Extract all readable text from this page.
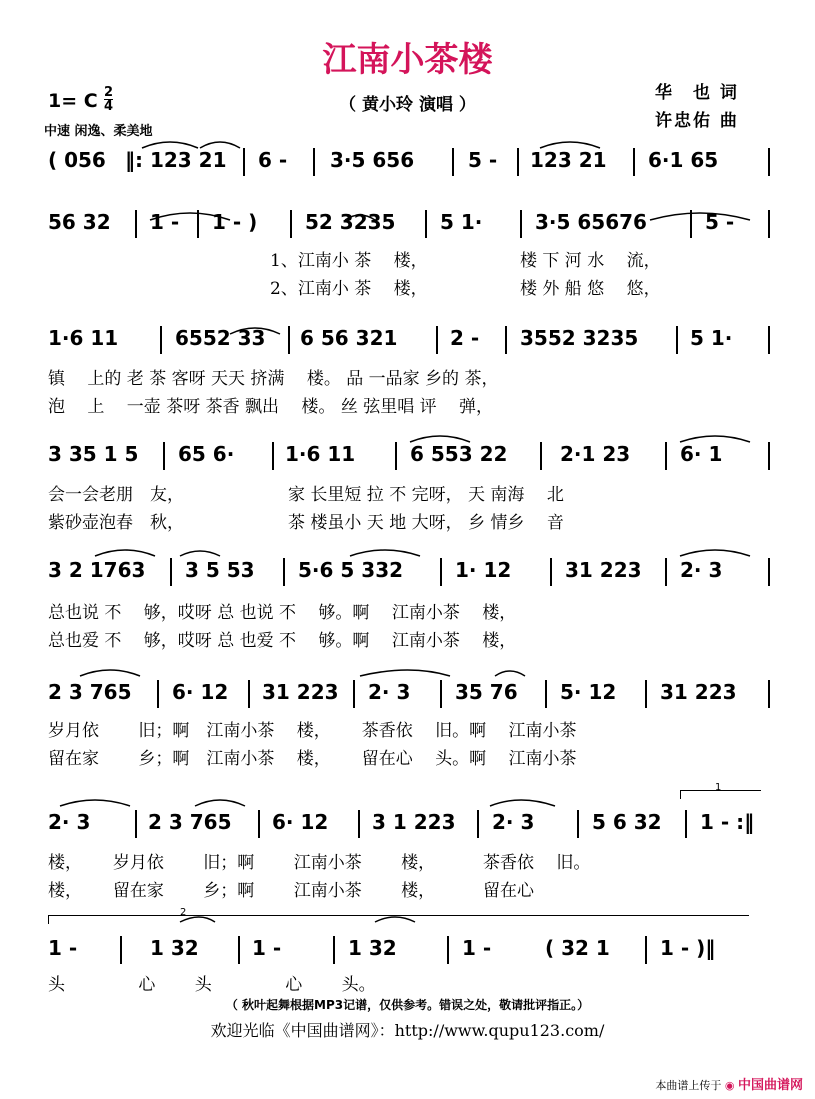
江南小茶楼
（ 黄小玲 演唱 ）
1= C 2
4
中速 闲逸、柔美地
华　也 词
许忠佑 曲
1
2
( 056 ‖: 123 21 6 - 3·5 656	5 - 123 21 6·1 65
56 32 1 - 1 - ) 52 3235 5 1·	3·5 65676	5 -
1、江南小 茶　 楼，	楼 下 河 水　 流，
2、江南小 茶　 楼，	楼 外 船 悠　 悠，
1·6 11	6552 33 6 56 321	2 - 3552 3235	5 1·
镇　 上的 老 茶 客呀 天天 挤满　 楼。 品 一品家 乡的 茶，
泡　 上　 一壶 茶呀 茶香 飘出　 楼。 丝 弦里唱 评　 弹，
3 35 1 5 65 6·	1·6 11	6 553 22	2·1 23 6· 1
会一会老朋　友，	家 长里短 拉 不 完呀， 天 南海　 北
紫砂壶泡春　秋，	茶 楼虽小 天 地 大呀， 乡 情乡　 音
3 2 1763 3 5 53 5·6 5 332	1· 12	31 223 2· 3
总也说 不　 够，哎呀 总 也说 不　 够。啊　 江南小茶　 楼，
总也爱 不　 够，哎呀 总 也爱 不　 够。啊　 江南小茶　 楼，
2 3 765 6· 12 31 223 2· 3 35 76 5· 12 31 223
岁月依　　 旧；啊　江南小茶　 楼，　　 茶香依　 旧。啊　 江南小茶
留在家　　 乡；啊　江南小茶　 楼，　　 留在心　 头。啊　 江南小茶
2· 3	2 3 765 6· 12 3 1 223 2· 3	5 6 32 1 - :‖
楼，　　 岁月依　　 旧；啊　　 江南小茶　　 楼，　　　 茶香依　 旧。
楼，　　 留在家　　 乡；啊　　 江南小茶　　 楼，　　　 留在心
1 -	1 32	1 -	1 32	1 -	( 32 1	1 - )‖
头　　　　 心　　 头　　　　 心　　 头。
（ 秋叶起舞根据MP3记谱，仅供参考。错误之处，敬请批评指正。）
欢迎光临《中国曲谱网》：http://www.qupu123.com/
本曲谱上传于 ◉ 中国曲谱网
